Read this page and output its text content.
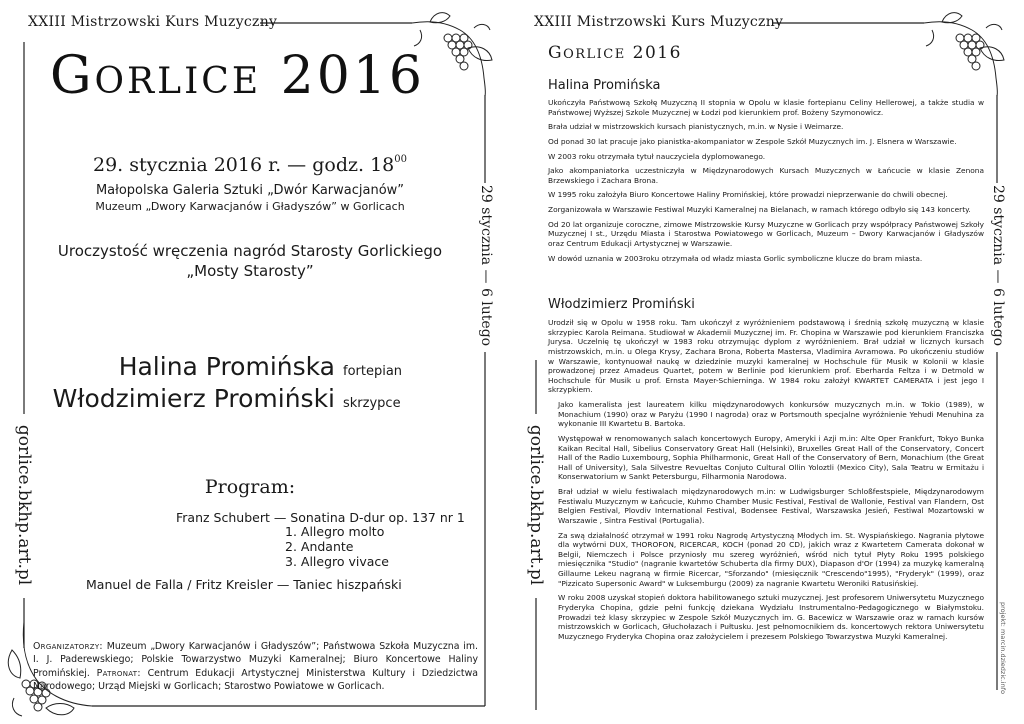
XXIII Mistrzowski Kurs Muzyczny
GORLICE 2016
29. stycznia 2016 r. — godz. $18^{00}$
Małopolska Galeria Sztuki „Dwór Karwacjanów”
Muzeum „Dwory Karwacjanów i Gładyszów” w Gorlicach
Uroczystość wręczenia nagród Starosty Gorlickiego
„Mosty Starosty”
Halina Promińska fortepian
Włodzimierz Promiński skrzypce
Program:
Franz Schubert — Sonatina D-dur op. 137 nr 1
1. Allegro molto
2. Andante
3. Allegro vivace
Manuel de Falla / Fritz Kreisler — Taniec hiszpański
29 stycznia — 6 lutego
gorlice.bkhp.art.pl
Organizatorzy: Muzeum „Dwory Karwacjanów i Gładyszów”; Państwowa Szkoła Muzyczna im. I. J. Paderewskiego; Polskie Towarzystwo Muzyki Kameralnej; Biuro Koncertowe Haliny Promińskiej. Patronat: Centrum Edukacji Artystycznej Ministerstwa Kultury i Dziedzictwa Narodowego; Urząd Miejski w Gorlicach; Starostwo Powiatowe w Gorlicach.
XXIII Mistrzowski Kurs Muzyczny
GORLICE 2016
Halina Promińska

Ukończyła Państwową Szkołę Muzyczną II stopnia w Opolu w klasie fortepianu Celiny Hellerowej, a także studia w Państwowej Wyższej Szkole Muzycznej w Łodzi pod kierunkiem prof. Bożeny Szymonowicz.

Brała udział w mistrzowskich kursach pianistycznych, m.in. w Nysie i Weimarze.

Od ponad 30 lat pracuje jako pianistka-akompaniator w Zespole Szkół Muzycznych im. J. Elsnera w Warszawie.

W 2003 roku otrzymała tytuł nauczyciela dyplomowanego.

Jako akompaniatorka uczestniczyła w Międzynarodowych Kursach Muzycznych w Łańcucie w klasie Zenona Brzewskiego i Zachara Brona.

W 1995 roku założyła Biuro Koncertowe Haliny Promińskiej, które prowadzi nieprzerwanie do chwili obecnej.

Zorganizowała w Warszawie Festiwal Muzyki Kameralnej na Bielanach, w ramach którego odbyło się 143 koncerty.

Od 20 lat organizuje coroczne, zimowe Mistrzowskie Kursy Muzyczne w Gorlicach przy współpracy Państwowej Szkoły Muzycznej I st., Urzędu Miasta i Starostwa Powiatowego w Gorlicach, Muzeum – Dwory Karwacjanów i Gładyszów oraz Centrum Edukacji Artystycznej w Warszawie.

W dowód uznania w 2003roku otrzymała od władz miasta Gorlic symboliczne klucze do bram miasta.

Włodzimierz Promiński

Urodził się w Opolu w 1958 roku. Tam ukończył z wyróżnieniem podstawową i średnią szkołę muzyczną w klasie skrzypiec Karola Reimana. Studiował w Akademii Muzycznej im. Fr. Chopina w Warszawie pod kierunkiem Franciszka Jurysa. Uczelnię tę ukończył w 1983 roku otrzymując dyplom z wyróżnieniem. Brał udział w licznych kursach mistrzowskich, m.in. u Olega Krysy, Zachara Brona, Roberta Mastersa, Vladimira Avramowa. Po ukończeniu studiów w Warszawie, kontynuował naukę w dziedzinie muzyki kameralnej w Hochschule für Musik w Kolonii w klasie prowadzonej przez Amadeus Quartet, potem w Berlinie pod kierunkiem prof. Eberharda Feltza i w Detmold w Hochschule für Musik u prof. Ernsta Mayer-Schierninga. W 1984 roku założył KWARTET CAMERATA i jest jego I skrzypkiem.

Jako kameralista jest laureatem kilku międzynarodowych konkursów muzycznych m.in. w Tokio (1989), w Monachium (1990) oraz w Paryżu (1990 I nagroda) oraz w Portsmouth specjalne wyróżnienie Yehudi Menuhina za wykonanie III Kwartetu B. Bartoka.

Występował w renomowanych salach koncertowych Europy, Ameryki i Azji m.in: Alte Oper Frankfurt, Tokyo Bunka Kaikan Recital Hall, Sibelius Conservatory Great Hall (Helsinki), Bruxelles Great Hall of the Conservatory, Concert Hall of the Radio Luxembourg, Sophia Philharmonic, Great Hall of the Conservatory of Bern, Monachium (the Great Hall of University), Sala Silvestre Revueltas Conjuto Cultural Ollin Yoloztli (Mexico City), Sala Teatru w Ermitażu i Konserwatorium w Sankt Petersburgu, Filharmonia Narodowa.

Brał udział w wielu festiwalach międzynarodowych m.in: w Ludwigsburger Schloßfestspiele, Międzynarodowym Festiwalu Muzycznym w Łańcucie, Kuhmo Chamber Music Festival, Festival de Wallonie, Festival van Flandern, Ost Belgien Festival, Plovdiv International Festival, Bodensee Festival, Warszawska Jesień, Festiwal Mozartowski w Warszawie , Sintra Festival (Portugalia).

Za swą działalność otrzymał w 1991 roku Nagrodę Artystyczną Młodych im. St. Wyspiańskiego. Nagrania płytowe dla wytwórni DUX, THOROFON, RICERCAR, KOCH (ponad 20 CD), jakich wraz z Kwartetem Camerata dokonał w Belgii, Niemczech i Polsce przyniosły mu szereg wyróżnień, wśród nich tytuł Płyty Roku 1995 polskiego miesięcznika "Studio" (nagranie kwartetów Schuberta dla firmy DUX), Diapason d'Or (1994) za muzykę kameralną Gillaume Lekeu nagraną w firmie Ricercar, "Sforzando" (miesięcznik "Crescendo"1995), "Fryderyk" (1999), oraz "Pizzicato Supersonic Award" w Luksemburgu (2009) za nagranie Kwartetu Weroniki Ratusińskiej.

W roku 2008 uzyskał stopień doktora habilitowanego sztuki muzycznej. Jest profesorem Uniwersytetu Muzycznego Fryderyka Chopina, gdzie pełni funkcję dziekana Wydziału Instrumentalno-Pedagogicznego w Białymstoku. Prowadzi też klasy skrzypiec w Zespole Szkół Muzycznych im. G. Bacewicz w Warszawie oraz w ramach kursów mistrzowskich w Gorlicach, Głuchołazach i Pułtusku. Jest pełnomocnikiem ds. koncertowych rektora Uniwersytetu Muzycznego Fryderyka Chopina oraz założycielem i prezesem Polskiego Towarzystwa Muzyki Kameralnej.

29 stycznia — 6 lutego
gorlice.bkhp.art.pl
projekt: marcin.dziedzic.info
